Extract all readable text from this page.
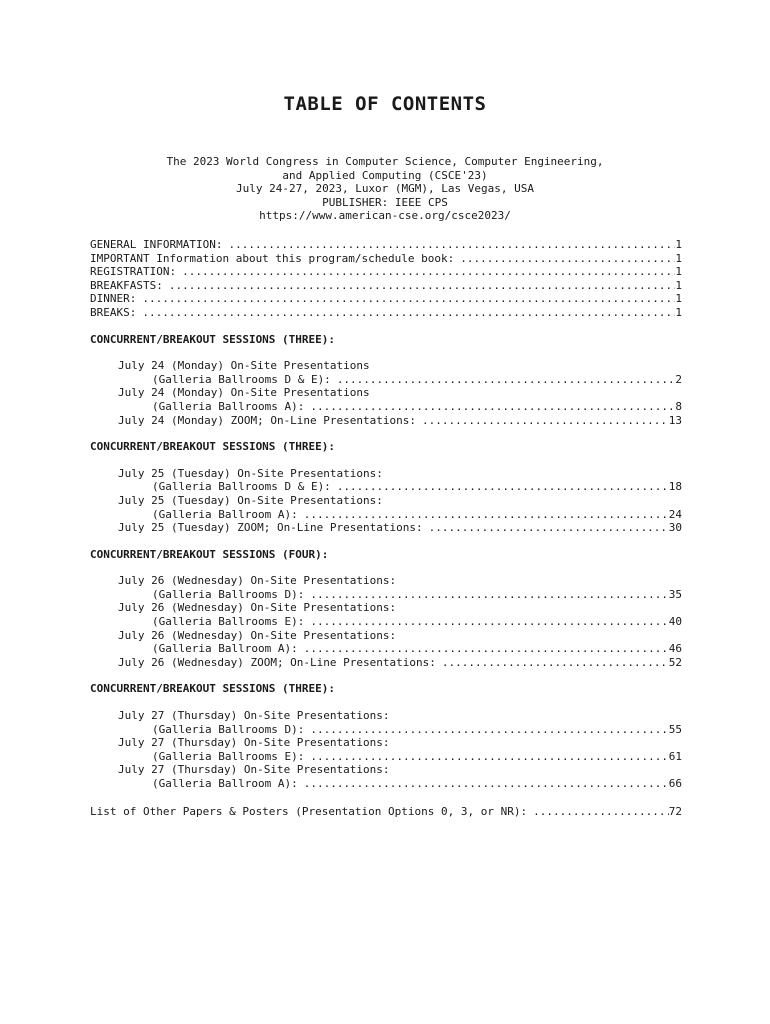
TABLE OF CONTENTS
The 2023 World Congress in Computer Science, Computer Engineering,
and Applied Computing (CSCE'23)
July 24-27, 2023, Luxor (MGM), Las Vegas, USA
PUBLISHER: IEEE CPS
https://www.american-cse.org/csce2023/
GENERAL INFORMATION: .....	1
IMPORTANT Information about this program/schedule book: .....	1
REGISTRATION: .....	1
BREAKFASTS: .....	1
DINNER: .....	1
BREAKS: .....	1
CONCURRENT/BREAKOUT SESSIONS (THREE):
July 24 (Monday) On-Site Presentations
(Galleria Ballrooms D & E): .....	2
July 24 (Monday) On-Site Presentations
(Galleria Ballrooms A): .....	8
July 24 (Monday) ZOOM; On-Line Presentations: .....	13
CONCURRENT/BREAKOUT SESSIONS (THREE):
July 25 (Tuesday) On-Site Presentations:
(Galleria Ballrooms D & E): .....	18
July 25 (Tuesday) On-Site Presentations:
(Galleria Ballroom A): .....	24
July 25 (Tuesday) ZOOM; On-Line Presentations: .....	30
CONCURRENT/BREAKOUT SESSIONS (FOUR):
July 26 (Wednesday) On-Site Presentations:
(Galleria Ballrooms D): .....	35
July 26 (Wednesday) On-Site Presentations:
(Galleria Ballrooms E): .....	40
July 26 (Wednesday) On-Site Presentations:
(Galleria Ballroom A): .....	46
July 26 (Wednesday) ZOOM; On-Line Presentations: .....	52
CONCURRENT/BREAKOUT SESSIONS (THREE):
July 27 (Thursday) On-Site Presentations:
(Galleria Ballrooms D): .....	55
July 27 (Thursday) On-Site Presentations:
(Galleria Ballrooms E): .....	61
July 27 (Thursday) On-Site Presentations:
(Galleria Ballroom A): .....	66
List of Other Papers & Posters (Presentation Options 0, 3, or NR): .....	72
